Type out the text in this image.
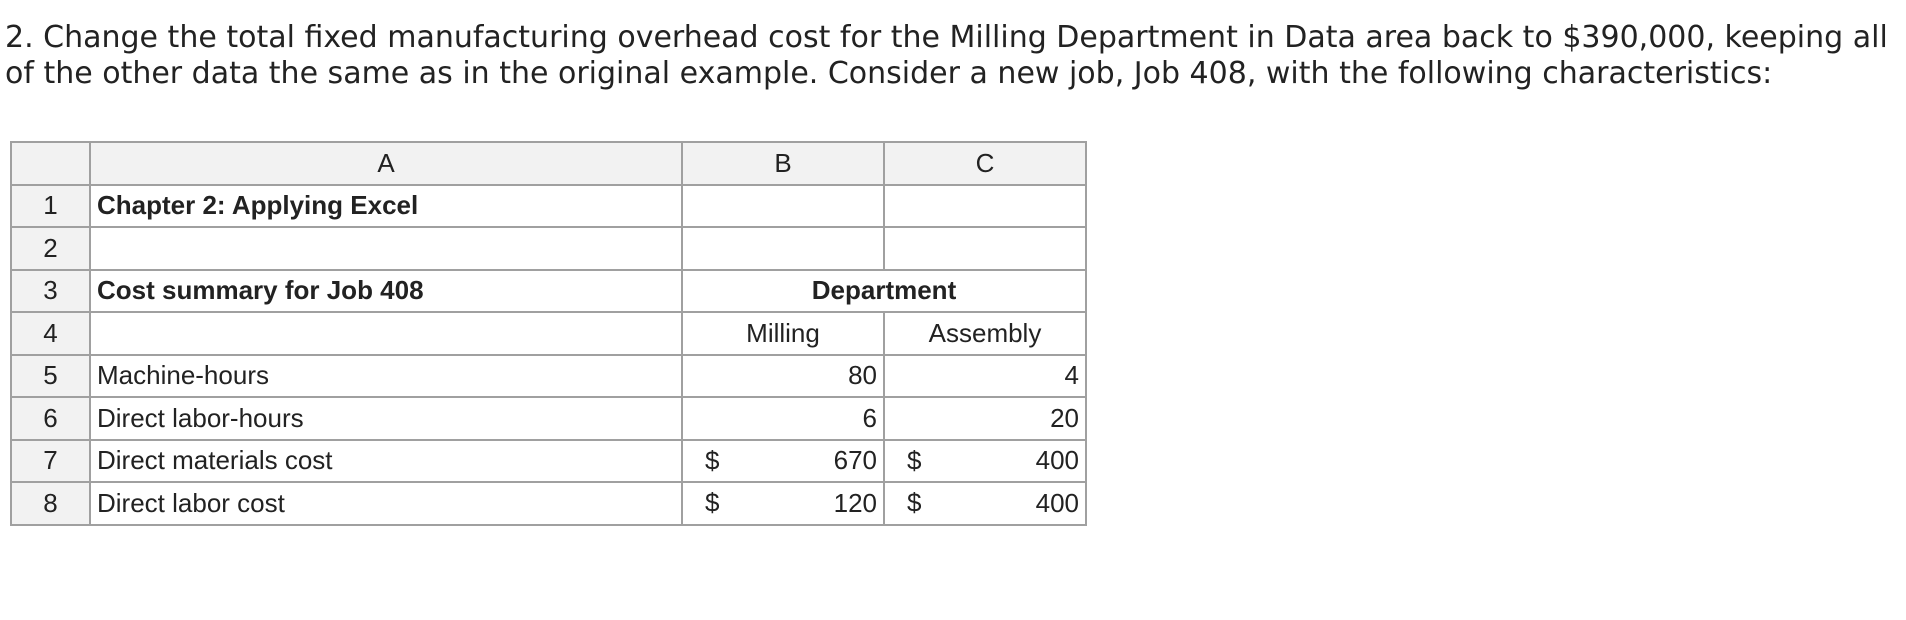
2. Change the total fixed manufacturing overhead cost for the Milling Department in Data area back to $390,000, keeping all of the other data the same as in the original example. Consider a new job, Job 408, with the following characteristics:

	A	B	C
1	Chapter 2: Applying Excel		
2			
3	Cost summary for Job 408	Department	
4		Milling	Assembly
5	Machine-hours	80	4

6	Direct labor-hours	6	20

7	Direct materials cost	$ 670	$ 400

8	Direct labor cost	$ 120	$ 400
